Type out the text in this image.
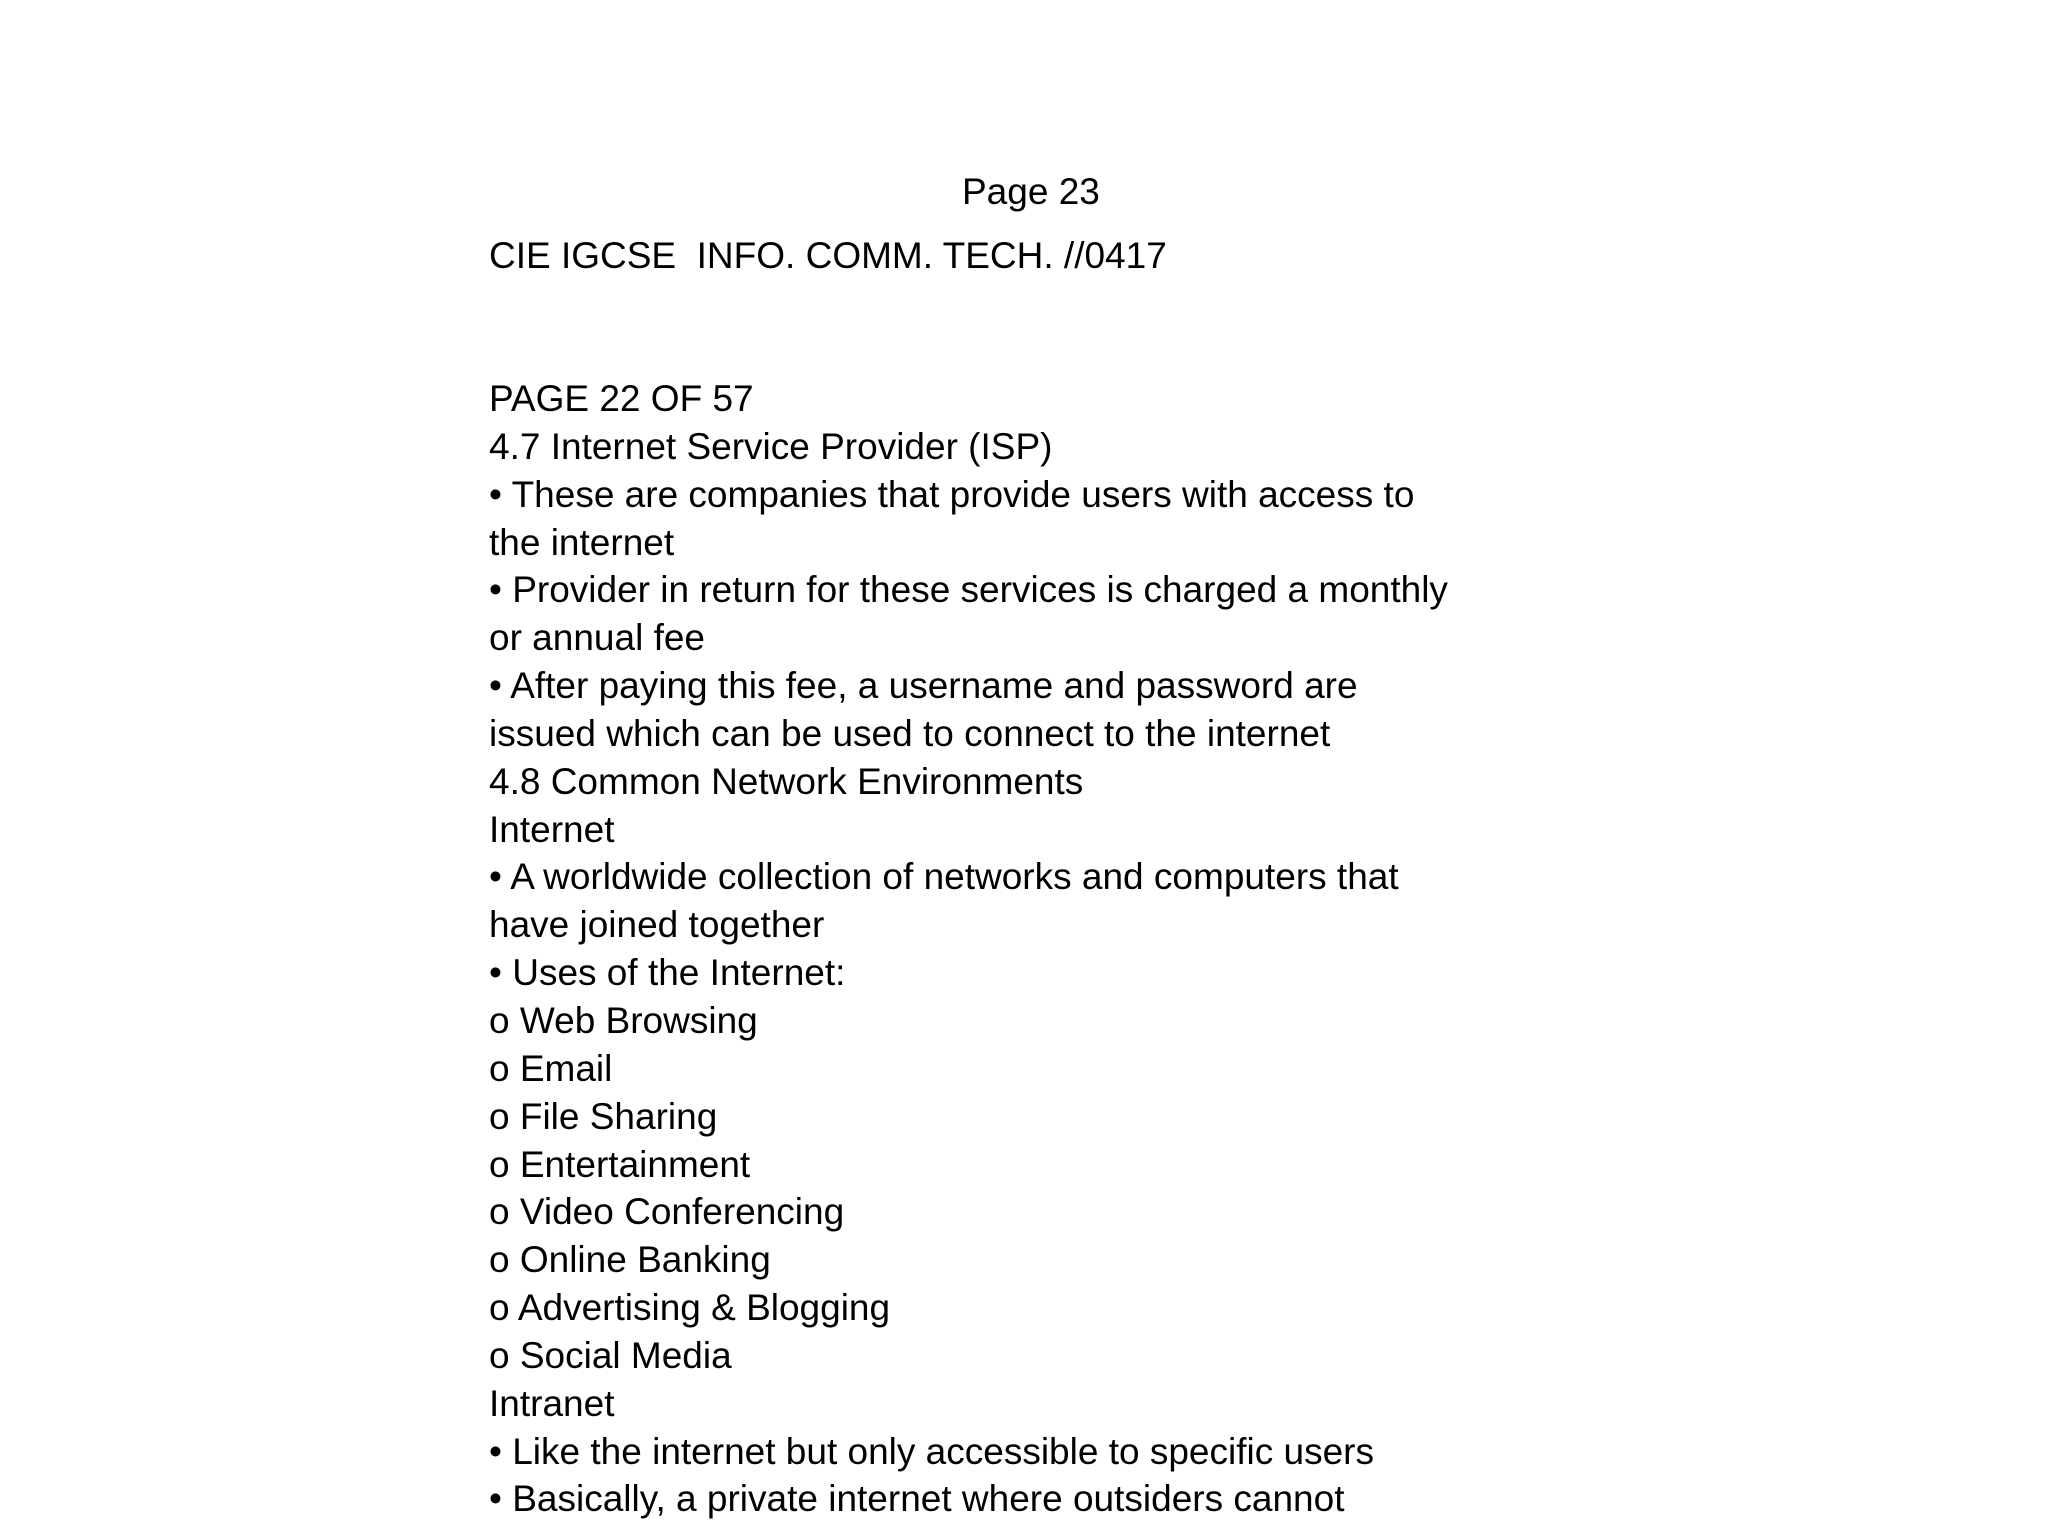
Page 23
CIE IGCSE  INFO. COMM. TECH. //0417
PAGE 22 OF 57
4.7 Internet Service Provider (ISP)
• These are companies that provide users with access to
the internet
• Provider in return for these services is charged a monthly
or annual fee
• After paying this fee, a username and password are
issued which can be used to connect to the internet
4.8 Common Network Environments
Internet
• A worldwide collection of networks and computers that
have joined together
• Uses of the Internet:
o Web Browsing
o Email
o File Sharing
o Entertainment
o Video Conferencing
o Online Banking
o Advertising & Blogging
o Social Media
Intranet
• Like the internet but only accessible to specific users
• Basically, a private internet where outsiders cannot
